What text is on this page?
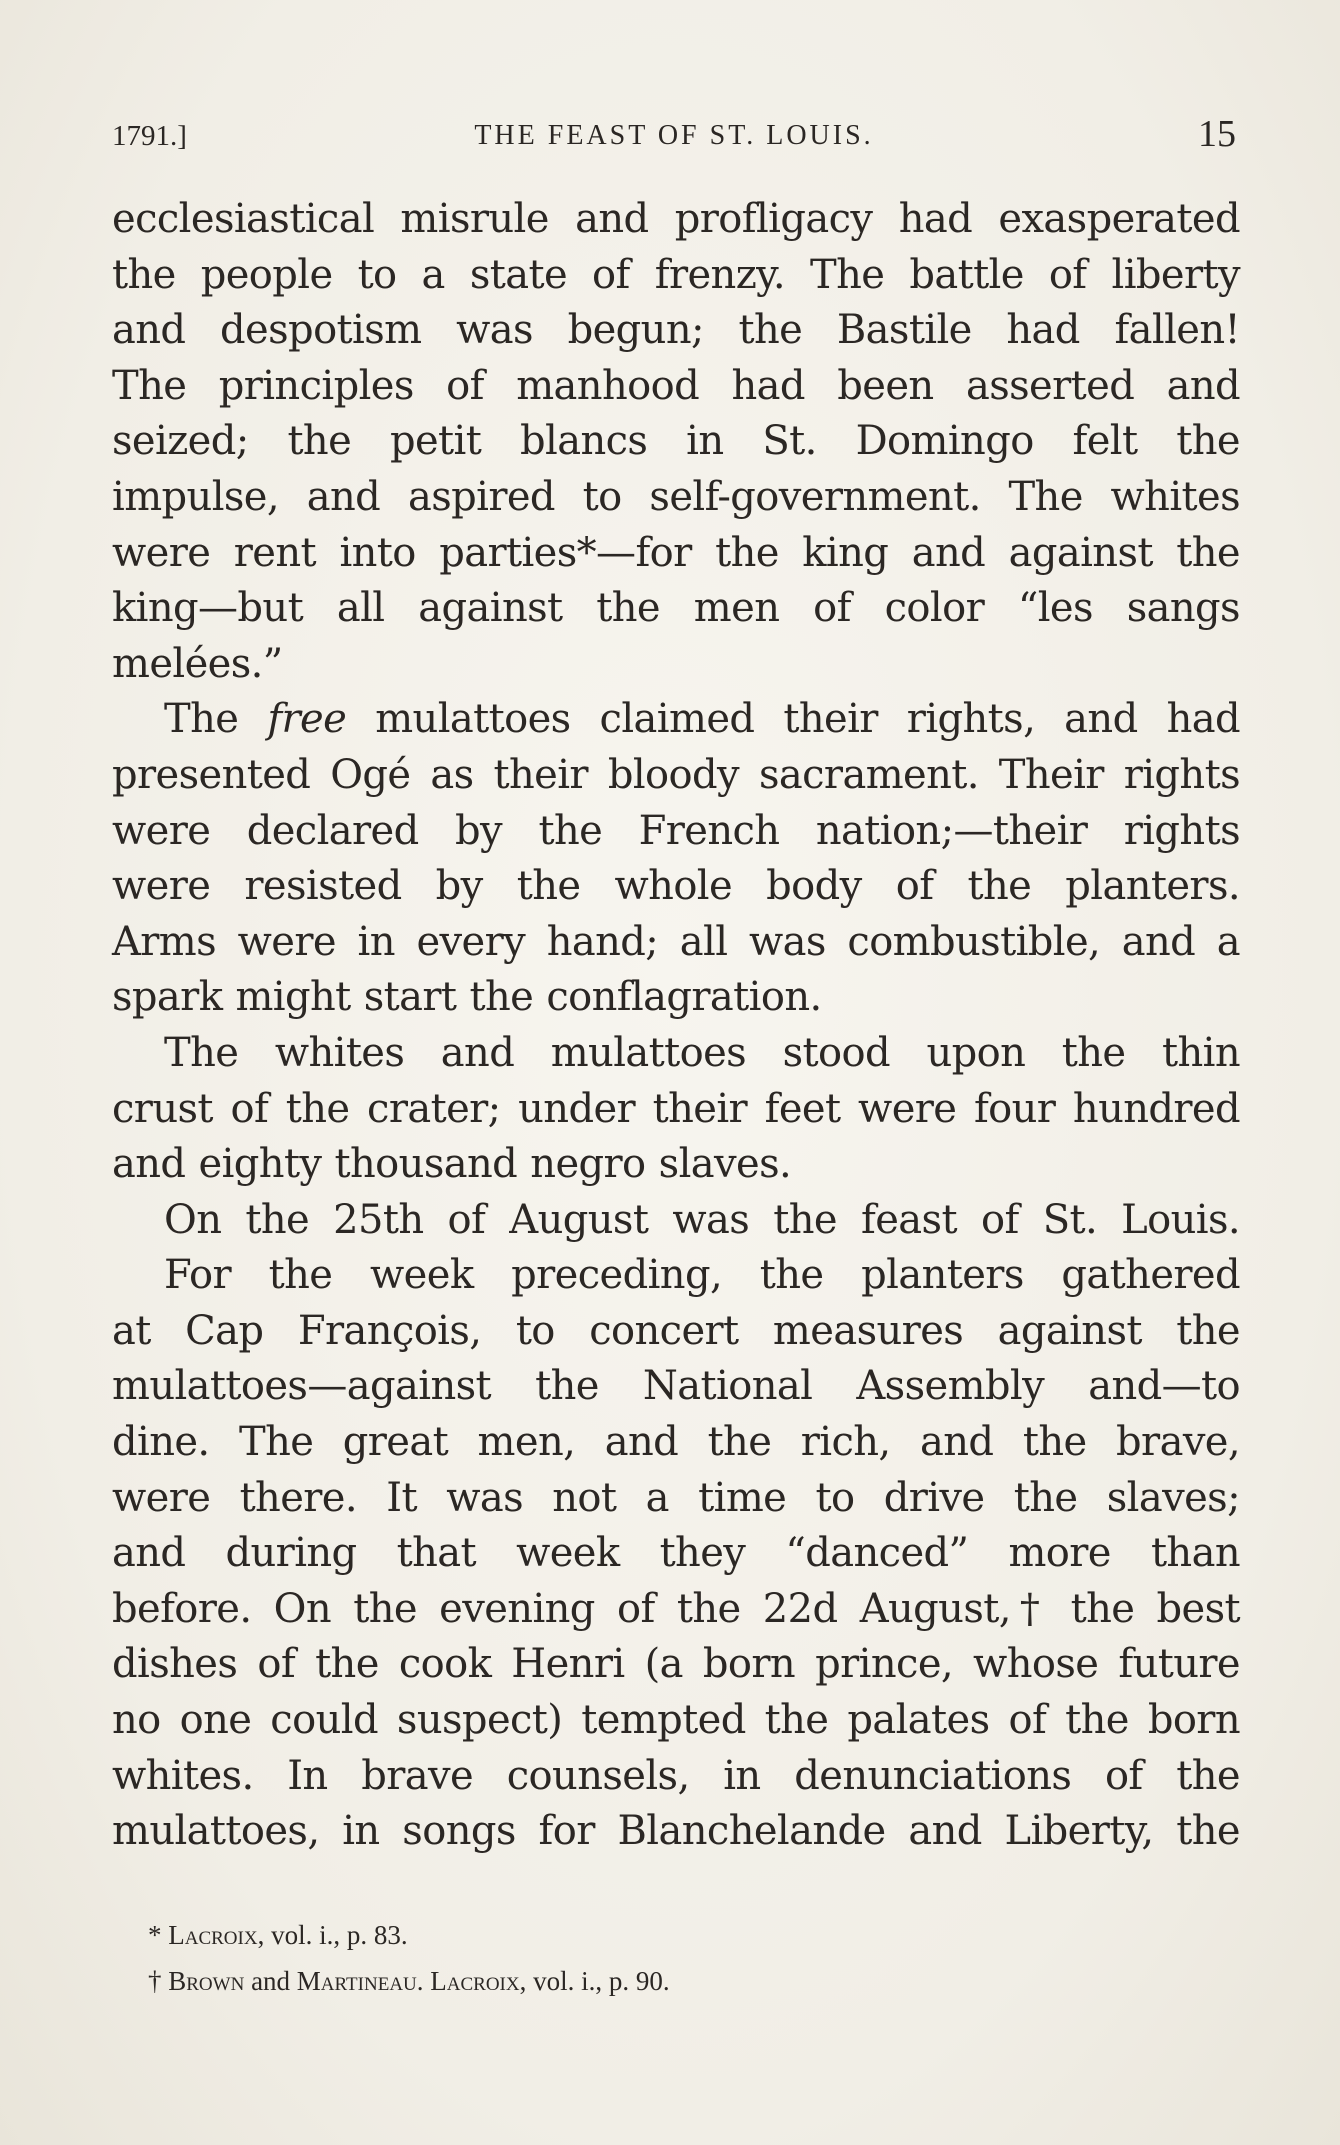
1791.]	THE FEAST OF ST. LOUIS.	15
ecclesiastical misrule and profligacy had exasperated
the people to a state of frenzy. The battle of liberty
and despotism was begun; the Bastile had fallen!
The principles of manhood had been asserted and
seized; the petit blancs in St. Domingo felt the
impulse, and aspired to self-government. The whites
were rent into parties*—for the king and against the
king—but all against the men of color “les sangs
melées.”
The free mulattoes claimed their rights, and had
presented Ogé as their bloody sacrament. Their rights
were declared by the French nation;—their rights
were resisted by the whole body of the planters.
Arms were in every hand; all was combustible, and a
spark might start the conflagration.
The whites and mulattoes stood upon the thin
crust of the crater; under their feet were four hundred
and eighty thousand negro slaves.
On the 25th of August was the feast of St. Louis.
For the week preceding, the planters gathered
at Cap François, to concert measures against the
mulattoes—against the National Assembly and—to
dine. The great men, and the rich, and the brave,
were there. It was not a time to drive the slaves;
and during that week they “danced” more than
before. On the evening of the 22d August,† the best
dishes of the cook Henri (a born prince, whose future
no one could suspect) tempted the palates of the born
whites. In brave counsels, in denunciations of the
mulattoes, in songs for Blanchelande and Liberty, the
* Lacroix, vol. i., p. 83.
† Brown and Martineau. Lacroix, vol. i., p. 90.
